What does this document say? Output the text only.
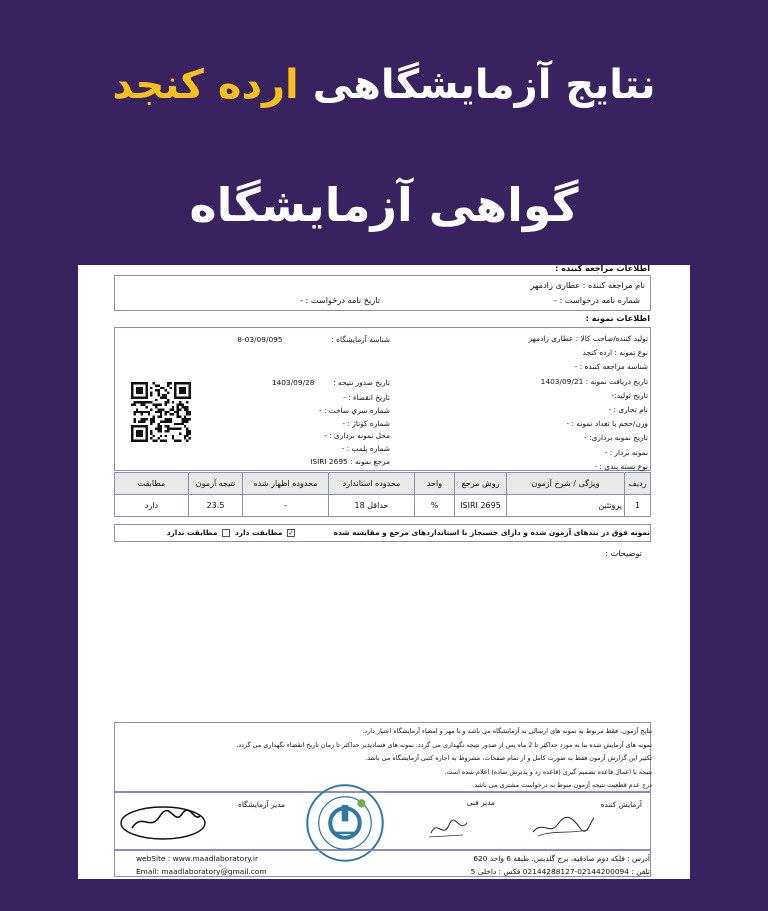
نتایج آزمایشگاهی ارده کنجد
گواهی آزمایشگاه
اطلاعات مراجعه کننده :
نام مراجعه کننده : عطاری زادمهر
شماره نامه درخواست : -
تاریخ نامه درخواست : -
اطلاعات نمونه :
تولید کننده/صاحب کالا : عطاری زادمهر
نوع نمونه : ارده کنجد
شناسه مراجعه کننده : -
تاریخ دریافت نمونه : 1403/09/21
تاریخ تولید:-
نام تجاری : -
وزن/حجم یا تعداد نمونه : -
تاریخ نمونه برداری: -
نمونه بردار : -
نوع بسته بندی : -
شناسه آزمایشگاه :  03/09/095-8
تاریخ صدور نتیجه :  1403/09/28
تاریخ انقضاء : -
شماره سري ساخت : -
شماره کوتاژ : -
محل نمونه برداری : -
شماره پلمپ : -
مرجع نمونه : ISIRI 2695
ردیف	ویژگی / شرح آزمون	روش مرجع	واحد	محدوده استاندارد	محدوده اظهار شده	نتیجه آزمون	مطابقت
1	پروتئین	ISIRI 2695	%	حداقل 18	-	23.5	دارد
نمونه فوق در بندهای آزمون شده و دارای حسبجاز با استانداردهای مرجع و مقایسه شده
✓ مطابقت دارد
مطابقت ندارد
توضیحات :
نتایج آزمون، فقط مربوط به نمونه های ارسالی به آزمایشگاه می باشد و با مهر و امضاء آزمایشگاه اعتبار دارد.
نمونه های آزمایش شده بنا به مورد حداکثر تا 2 ماه پس از صدور نتیجه نگهداری می گردد. نمونه های فسادپذیر حداکثر تا زمان تاریخ انقضاء نگهداری می گردد.
تکثیر این گزارش آزمون فقط به صورت کامل و از تمام صفحات، مشروط به اجازه کتبی آزمایشگاه می باشد.
نتیجه با اعمال قاعده تصمیم گیری (قاعده رد و پذیرش ساده) اعلام شده است.
درج عدم قطعیت نتیجه آزمون منوط به درخواست مشتری می باشد.
آزمایش کننده
مدیر فنی
مدیر آزمایشگاه
webSite : www.maadlaboratory.ir
Email: maadlaboratory@gmail.com
آدرس : فلکه دوم صادقیه، برج گلدیس، طبقه 6 واحد 620
تلفن : 02144200094-02144288127 فکس : داخلی 5
